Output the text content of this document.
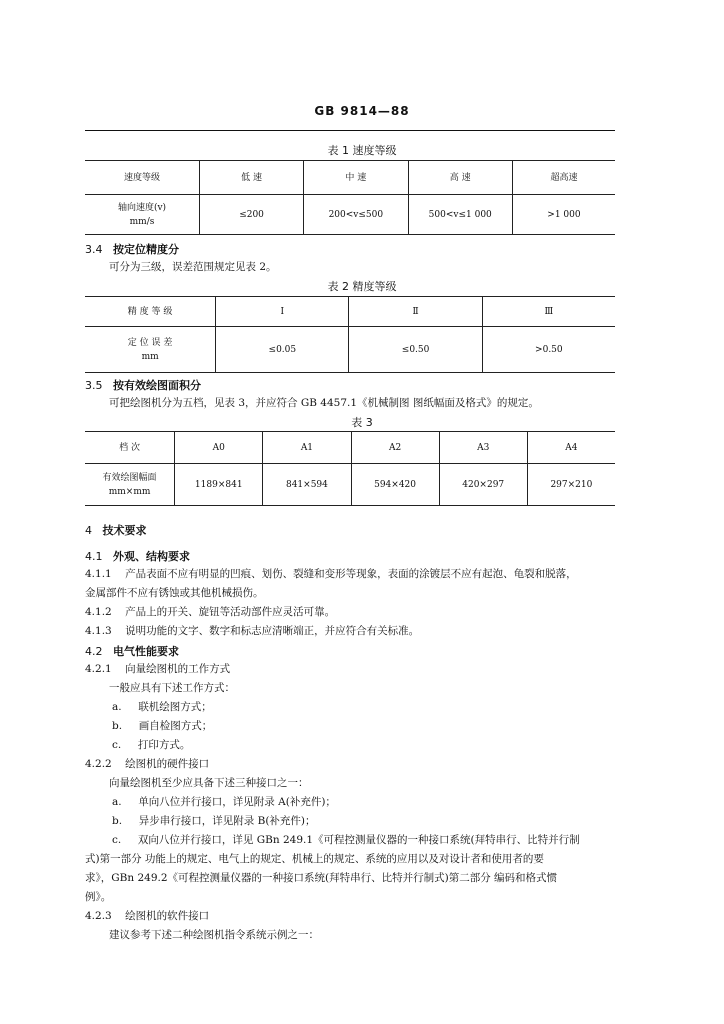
GB 9814—88
表 1 速度等级
速度等级	低 速	中 速	高 速	超高速

轴向速度(v)
mm/s	≤200	200<v≤500	500<v≤1 000	>1 000
3.4 按定位精度分
可分为三级，误差范围规定见表 2。
表 2 精度等级
精 度 等 级	Ⅰ	Ⅱ	Ⅲ

定 位 误 差
mm	≤0.05	≤0.50	>0.50
3.5 按有效绘图面积分
可把绘图机分为五档，见表 3，并应符合 GB 4457.1《机械制图 图纸幅面及格式》的规定。
表 3
档 次	A0	A1	A2	A3	A4

有效绘图幅面
mm×mm	1189×841	841×594	594×420	420×297	297×210
4 技术要求
4.1 外观、结构要求
4.1.1 产品表面不应有明显的凹痕、划伤、裂缝和变形等现象，表面的涂镀层不应有起泡、龟裂和脱落，
金属部件不应有锈蚀或其他机械损伤。
4.1.2 产品上的开关、旋钮等活动部件应灵活可靠。
4.1.3 说明功能的文字、数字和标志应清晰端正，并应符合有关标准。
4.2 电气性能要求
4.2.1 向量绘图机的工作方式
一般应具有下述工作方式：
a. 联机绘图方式；
b. 画自检图方式；
c. 打印方式。
4.2.2 绘图机的硬件接口
向量绘图机至少应具备下述三种接口之一：
a. 单向八位并行接口，详见附录 A(补充件)；
b. 异步串行接口，详见附录 B(补充件)；
c. 双向八位并行接口，详见 GBn 249.1《可程控测量仪器的一种接口系统(拜特串行、比特并行制
式)第一部分 功能上的规定、电气上的规定、机械上的规定、系统的应用以及对设计者和使用者的要
求》，GBn 249.2《可程控测量仪器的一种接口系统(拜特串行、比特并行制式)第二部分 编码和格式惯
例》。
4.2.3 绘图机的软件接口
建议参考下述二种绘图机指令系统示例之一：
